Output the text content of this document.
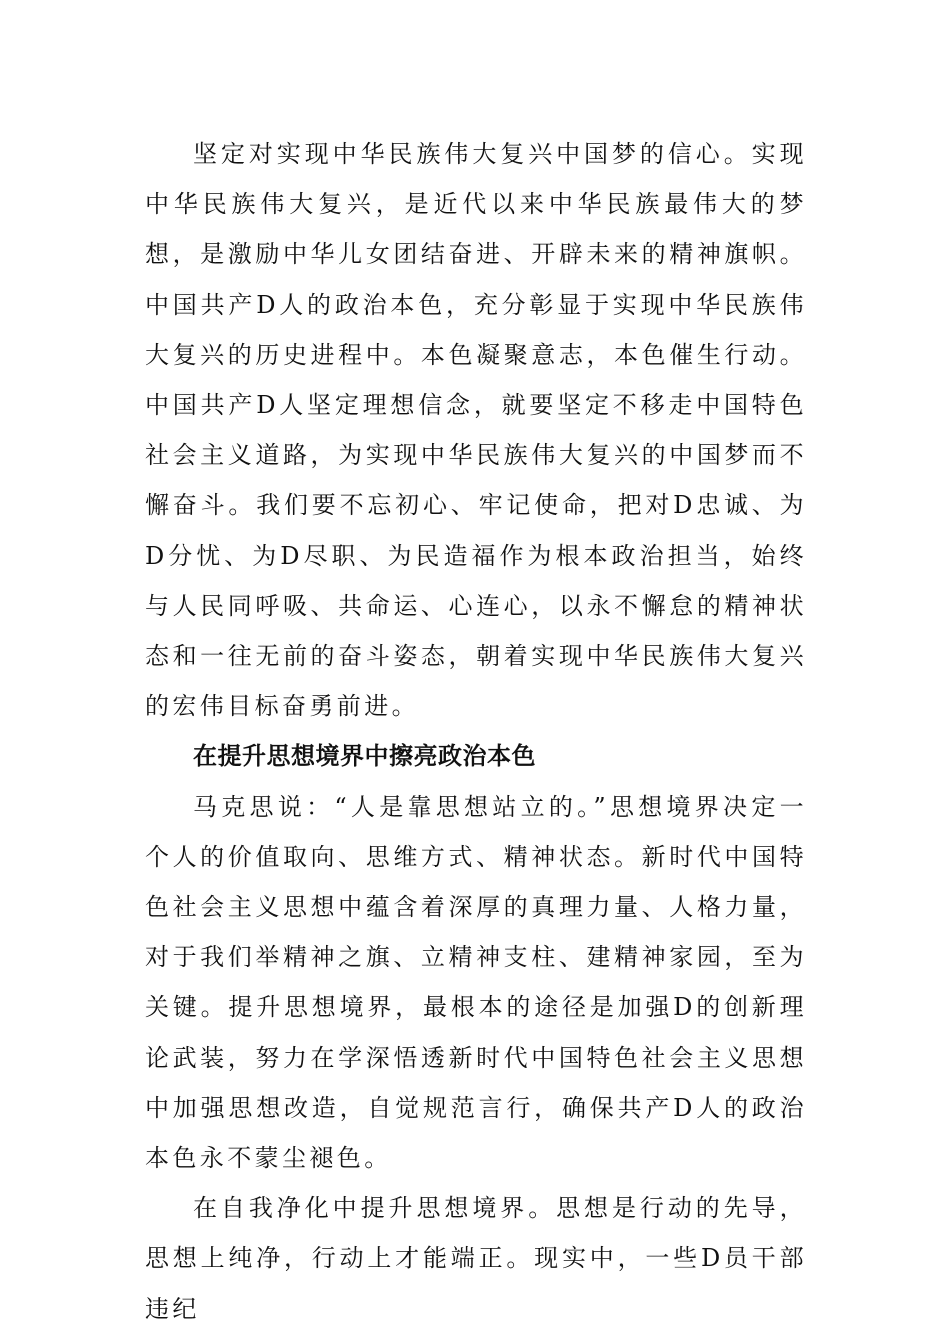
坚定对实现中华民族伟大复兴中国梦的信心。实现中华民族伟大复兴，是近代以来中华民族最伟大的梦想，是激励中华儿女团结奋进、开辟未来的精神旗帜。中国共产D人的政治本色，充分彰显于实现中华民族伟大复兴的历史进程中。本色凝聚意志，本色催生行动。中国共产D人坚定理想信念，就要坚定不移走中国特色社会主义道路，为实现中华民族伟大复兴的中国梦而不懈奋斗。我们要不忘初心、牢记使命，把对D忠诚、为D分忧、为D尽职、为民造福作为根本政治担当，始终与人民同呼吸、共命运、心连心，以永不懈怠的精神状态和一往无前的奋斗姿态，朝着实现中华民族伟大复兴的宏伟目标奋勇前进。

在提升思想境界中擦亮政治本色

马克思说：“人是靠思想站立的。”思想境界决定一个人的价值取向、思维方式、精神状态。新时代中国特色社会主义思想中蕴含着深厚的真理力量、人格力量，对于我们举精神之旗、立精神支柱、建精神家园，至为关键。提升思想境界，最根本的途径是加强D的创新理论武装，努力在学深悟透新时代中国特色社会主义思想中加强思想改造，自觉规范言行，确保共产D人的政治本色永不蒙尘褪色。

在自我净化中提升思想境界。思想是行动的先导，思想上纯净，行动上才能端正。现实中，一些D员干部违纪
